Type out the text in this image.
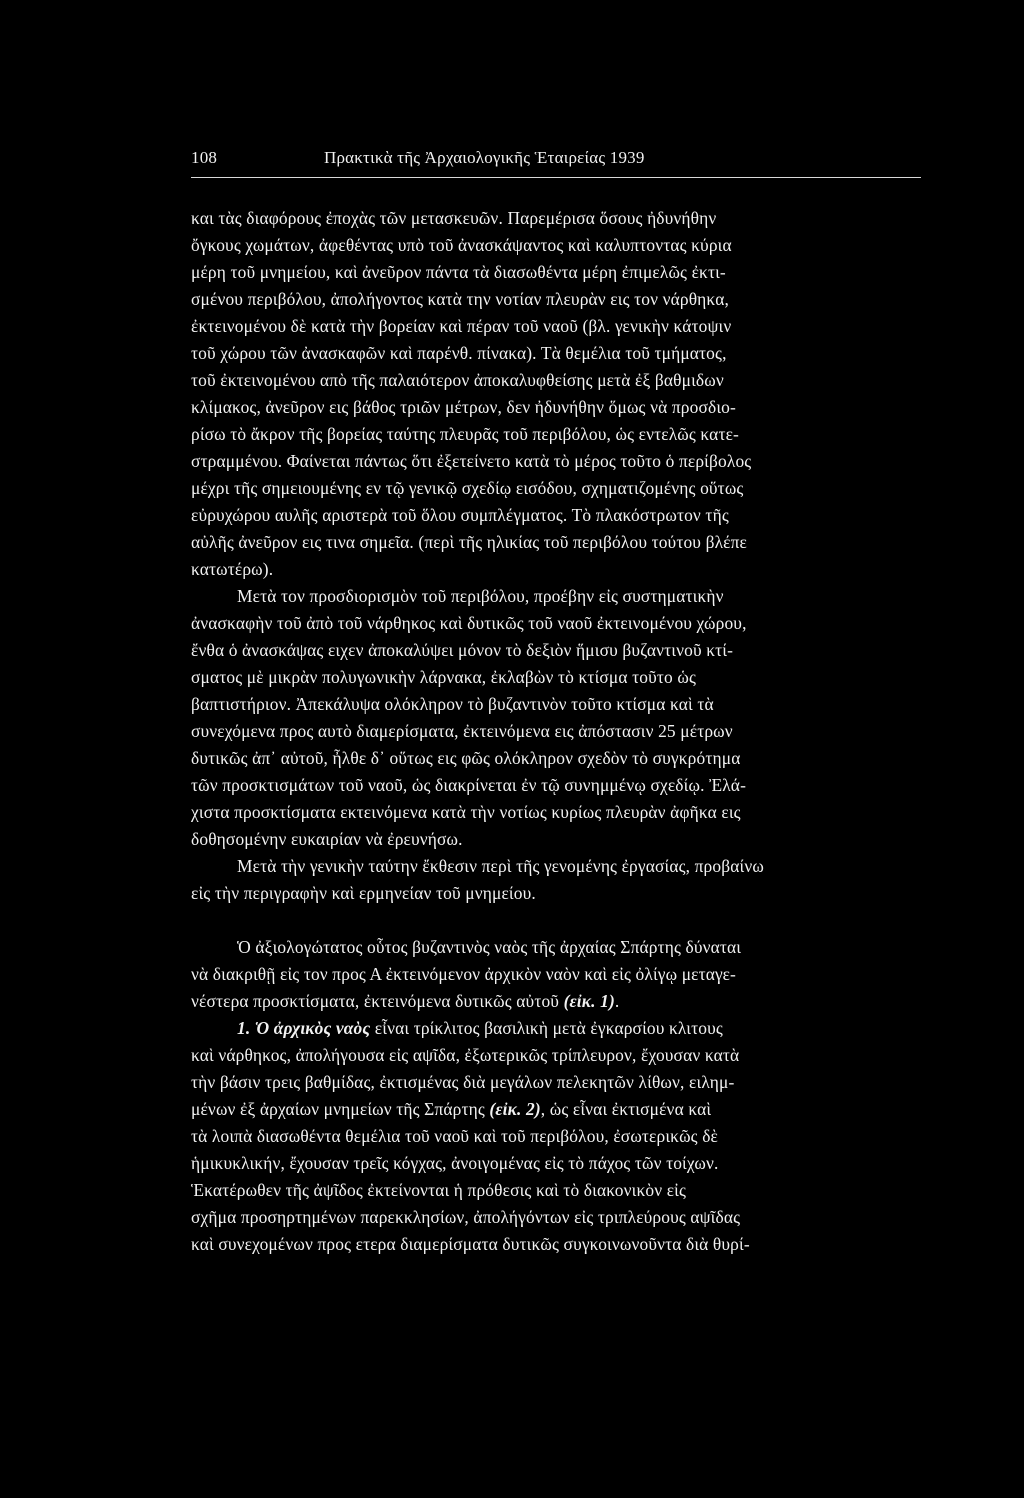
108	Πρακτικὰ τῆς Ἀρχαιολογικῆς Ἑταιρείας 1939
και τὰς διαφόρους ἐποχὰς τῶν μετασκευῶν. Παρεμέρισα ὅσους ἠδυνήθην
ὄγκους χωμάτων, ἀφεθέντας υπὸ τοῦ ἀνασκάψαντος καὶ καλυπτοντας κύρια
μέρη τοῦ μνημείου, καὶ ἀνεῦρον πάντα τὰ διασωθέντα μέρη ἐπιμελῶς ἐκτι-
σμένου περιβόλου, ἀπολήγοντος κατὰ την νοτίαν πλευρὰν εις τον νάρθηκα,
ἐκτεινομένου δὲ κατὰ τὴν βορείαν καὶ πέραν τοῦ ναοῦ (βλ. γενικὴν κάτοψιν
τοῦ χώρου τῶν ἀνασκαφῶν καὶ παρένθ. πίνακα). Τὰ θεμέλια τοῦ τμήματος,
τοῦ ἐκτεινομένου απὸ τῆς παλαιότερον ἀποκαλυφθείσης μετὰ ἐξ βαθμιδων
κλίμακος, ἀνεῦρον εις βάθος τριῶν μέτρων, δεν ἠδυνήθην ὅμως νὰ προσδιο-
ρίσω τὸ ἄκρον τῆς βορείας ταύτης πλευρᾶς τοῦ περιβόλου, ὡς εντελῶς κατε-
στραμμένου. Φαίνεται πάντως ὅτι ἐξετείνετο κατὰ τὸ μέρος τοῦτο ὁ περίβολος
μέχρι τῆς σημειουμένης εν τῷ γενικῷ σχεδίῳ εισόδου, σχηματιζομένης οὕτως
εὐρυχώρου αυλῆς αριστερὰ τοῦ ὅλου συμπλέγματος. Τὸ πλακόστρωτον τῆς
αὐλῆς ἀνεῦρον εις τινα σημεῖα. (περὶ τῆς ηλικίας τοῦ περιβόλου τούτου βλέπε
κατωτέρω).
Μετὰ τον προσδιορισμὸν τοῦ περιβόλου, προέβην εἰς συστηματικὴν
ἀνασκαφὴν τοῦ ἀπὸ τοῦ νάρθηκος καὶ δυτικῶς τοῦ ναοῦ ἐκτεινομένου χώρου,
ἔνθα ὁ ἀνασκάψας ειχεν ἀποκαλύψει μόνον τὸ δεξιὸν ἥμισυ βυζαντινοῦ κτί-
σματος μὲ μικρὰν πολυγωνικὴν λάρνακα, ἐκλαβὼν τὸ κτίσμα τοῦτο ὡς
βαπτιστήριον. Ἀπεκάλυψα ολόκληρον τὸ βυζαντινὸν τοῦτο κτίσμα καὶ τὰ
συνεχόμενα προς αυτὸ διαμερίσματα, ἐκτεινόμενα εις ἀπόστασιν 25 μέτρων
δυτικῶς ἀπ᾽ αὐτοῦ, ἦλθε δ᾽ οὕτως εις φῶς ολόκληρον σχεδὸν τὸ συγκρότημα
τῶν προσκτισμάτων τοῦ ναοῦ, ὡς διακρίνεται ἐν τῷ συνημμένῳ σχεδίῳ. Ἐλά-
χιστα προσκτίσματα εκτεινόμενα κατὰ τὴν νοτίως κυρίως πλευρὰν ἀφῆκα εις
δοθησομένην ευκαιρίαν νὰ ἐρευνήσω.
Μετὰ τὴν γενικὴν ταύτην ἔκθεσιν περὶ τῆς γενομένης ἐργασίας, προβαίνω
εἰς τὴν περιγραφὴν καὶ ερμηνείαν τοῦ μνημείου.
Ὁ ἀξιολογώτατος οὗτος βυζαντινὸς ναὸς τῆς ἀρχαίας Σπάρτης δύναται
νὰ διακριθῇ εἰς τον προς Α ἐκτεινόμενον ἀρχικὸν ναὸν καὶ εἰς ὀλίγῳ μεταγε-
νέστερα προσκτίσματα, ἐκτεινόμενα δυτικῶς αὐτοῦ (εἰκ. 1).
1. Ὁ ἀρχικὸς ναὸς εἶναι τρίκλιτος βασιλικὴ μετὰ ἐγκαρσίου κλιτους
καὶ νάρθηκος, ἀπολήγουσα εἰς αψῖδα, ἐξωτερικῶς τρίπλευρον, ἔχουσαν κατὰ
τὴν βάσιν τρεις βαθμίδας, ἐκτισμένας διὰ μεγάλων πελεκητῶν λίθων, ειλημ-
μένων ἐξ ἀρχαίων μνημείων τῆς Σπάρτης (εἰκ. 2), ὡς εἶναι ἐκτισμένα καὶ
τὰ λοιπὰ διασωθέντα θεμέλια τοῦ ναοῦ καὶ τοῦ περιβόλου, ἐσωτερικῶς δὲ
ἡμικυκλικήν, ἔχουσαν τρεῖς κόγχας, ἀνοιγομένας εἰς τὸ πάχος τῶν τοίχων.
Ἑκατέρωθεν τῆς ἀψῖδος ἐκτείνονται ἡ πρόθεσις καὶ τὸ διακονικὸν εἰς
σχῆμα προσηρτημένων παρεκκλησίων, ἀπολήγόντων εἰς τριπλεύρους αψῖδας
καὶ συνεχομένων προς ετερα διαμερίσματα δυτικῶς συγκοινωνοῦντα διὰ θυρί-
